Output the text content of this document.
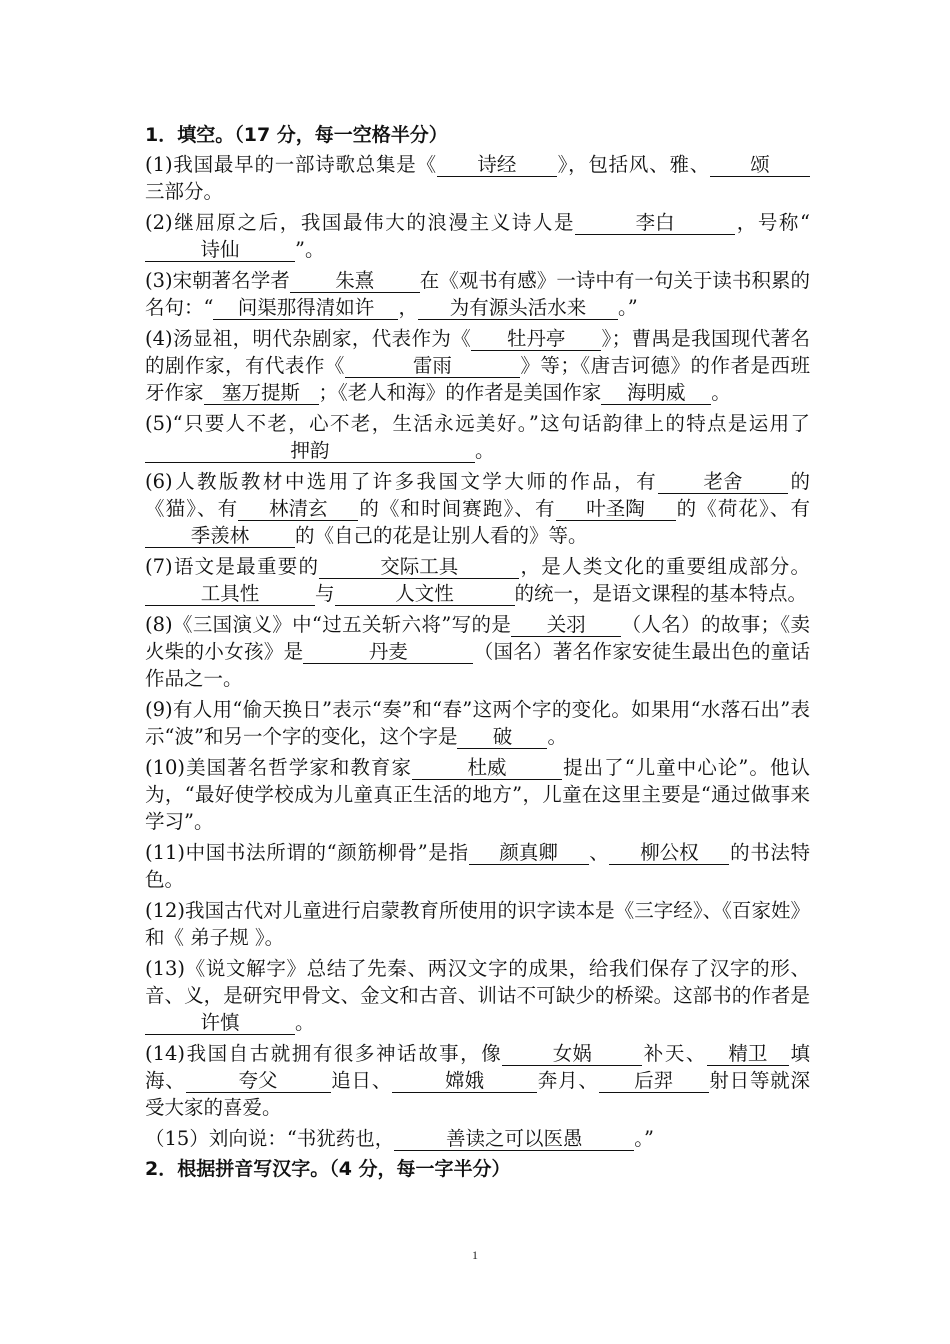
1．填空。（17 分，每一空格半分）
(1)我国最早的一部诗歌总集是《 诗经 》，包括风、雅、 颂三部分。
(2)继屈原之后，我国最伟大的浪漫主义诗人是	李白	，号称“诗仙	”。
(3)宋朝著名学者 朱熹 在《观书有感》一诗中有一句关于读书积累的名句：“ 问渠那得清如许 ， 为有源头活水来 。”
(4)汤显祖，明代杂剧家，代表作为《 牡丹亭 》；曹禺是我国现代著名的剧作家，有代表作《	雷雨	》等；《唐吉诃德》的作者是西班牙作家 塞万提斯 ；《老人和海》的作者是美国作家 海明威 。
(5)“只要人不老，心不老，生活永远美好。”这句话韵律上的特点是运用了押韵	。
(6)人教版教材中选用了许多我国文学大师的作品，有 老舍 的《猫》、有 林清玄 的《和时间赛跑》、有 叶圣陶 的《荷花》、有季羡林 的《自己的花是让别人看的》等。
(7)语文是最重要的	交际工具	，是人类文化的重要组成部分。工具性	与	人文性	的统一，是语文课程的基本特点。
(8)《三国演义》中“过五关斩六将”写的是 关羽 （人名）的故事；《卖火柴的小女孩》是	丹麦	（国名）著名作家安徒生最出色的童话作品之一。
(9)有人用“偷天换日”表示“奏”和“春”这两个字的变化。如果用“水落石出”表示“波”和另一个字的变化，这个字是 破 。
(10)美国著名哲学家和教育家	杜威	提出了“儿童中心论”。他认为，“最好使学校成为儿童真正生活的地方”，儿童在这里主要是“通过做事来学习”。
(11)中国书法所谓的“颜筋柳骨”是指 颜真卿 、 柳公权 的书法特色。
(12)我国古代对儿童进行启蒙教育所使用的识字读本是《三字经》、《百家姓》和《 弟子规 》。
(13)《说文解字》总结了先秦、两汉文字的成果，给我们保存了汉字的形、音、义，是研究甲骨文、金文和古音、训诂不可缺少的桥梁。这部书的作者是许慎	。
(14)我国自古就拥有很多神话故事，像	女娲	补天、 精卫 填海、	夸父	追日、	嫦娥	奔月、 后羿 射日等就深受大家的喜爱。
（15）刘向说：“书犹药也，	善读之可以医愚	。”
2．根据拼音写汉字。（4 分，每一字半分）
1
